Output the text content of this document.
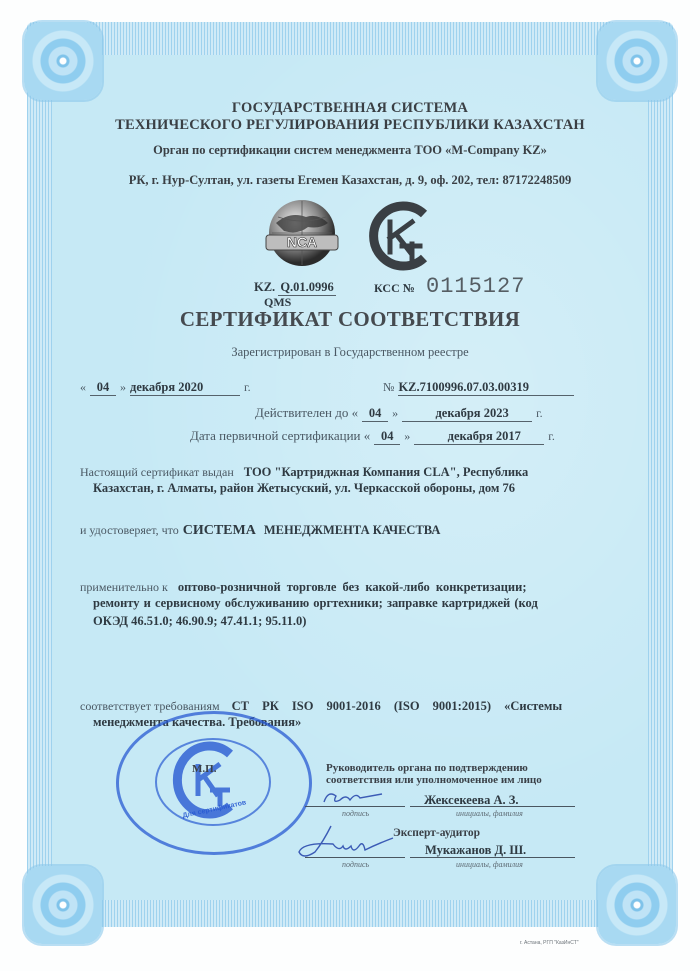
ГОСУДАРСТВЕННАЯ СИСТЕМА
ТЕХНИЧЕСКОГО РЕГУЛИРОВАНИЯ РЕСПУБЛИКИ КАЗАХСТАН
Орган по сертификации систем менеджмента ТОО «M-Company KZ»
РК, г. Нур-Султан, ул. газеты Егемен Казахстан, д. 9, оф. 202, тел: 87172248509
NCA
KZ. Q.01.0996
QMS
КСС № 0115127
СЕРТИФИКАТ СООТВЕТСТВИЯ
Зарегистрирован в Государственном реестре
« 04 » декабря 2020	г.	№ KZ.7100996.07.03.00319
Действителен до « 04 »	декабря 2023 г.
Дата первичной сертификации « 04 »	декабря 2017 г.
Настоящий сертификат выдан ТОО "Картриджная Компания CLA", Республика
Казахстан, г. Алматы, район Жетысуский, ул. Черкасской обороны, дом 76
и удостоверяет, что СИСТЕМА МЕНЕДЖМЕНТА КАЧЕСТВА
применительно к оптово-розничной торговле без какой-либо конкретизации;
ремонту и сервисному обслуживанию оргтехники; заправке картриджей (код
ОКЭД 46.51.0; 46.90.9; 47.41.1; 95.11.0)
соответствует требованиям СТ РК ISO 9001-2016 (ISO 9001:2015) «Системы
менеджмента качества. Требования»
М.П.
Для сертификатов
Руководитель органа по подтверждению
соответствия или уполномоченное им лицо
Жексекеева А. З.
подпись	инициалы, фамилия
Эксперт-аудитор
Мукажанов Д. Ш.
подпись	инициалы, фамилия
г. Астана, РГП "КазИнСТ"
